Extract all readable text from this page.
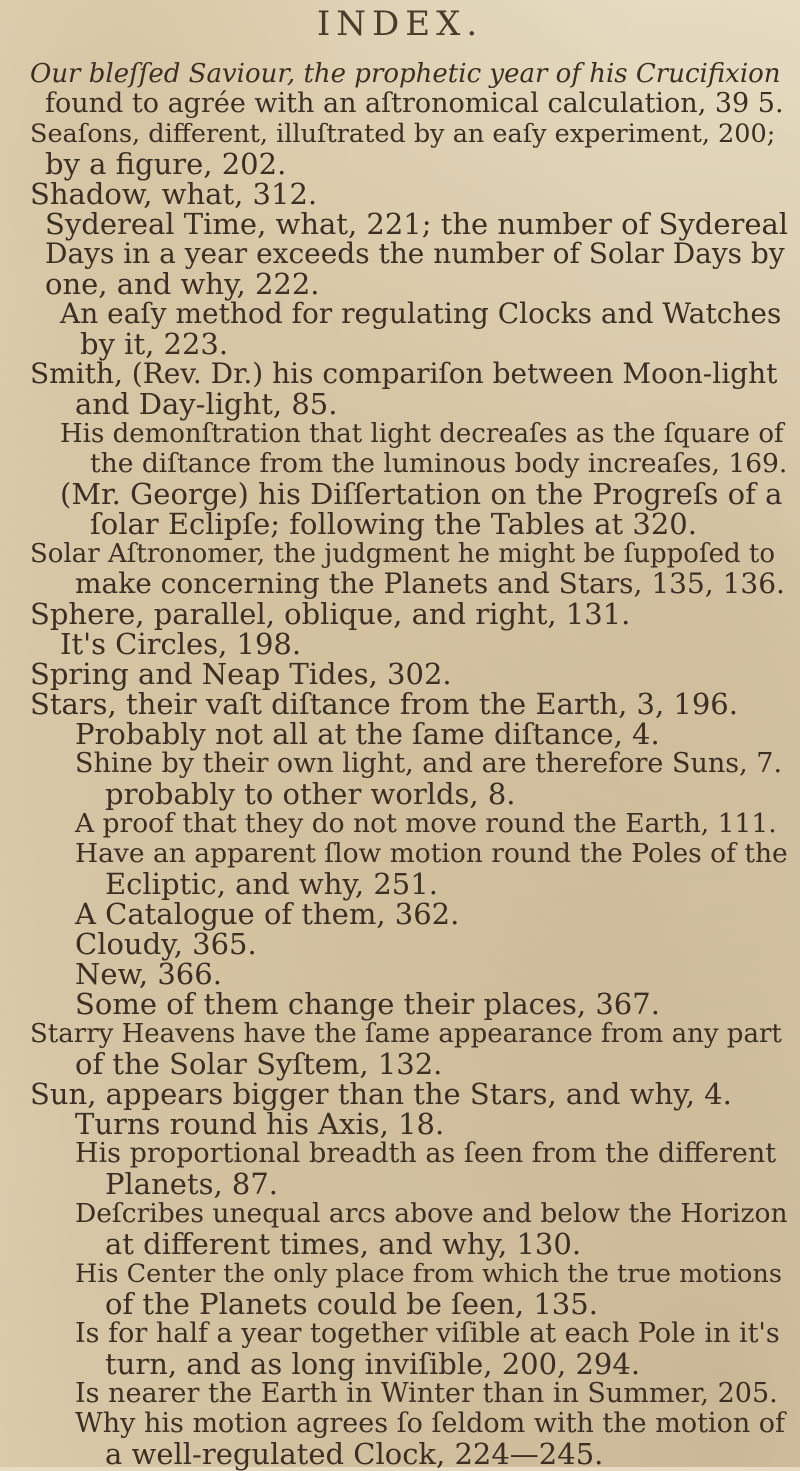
INDEX.
Our bleſſed Saviour, the prophetic year of his Crucifixion
found to agrée with an aſtronomical calculation, 39 5.
Seaſons, different, illuſtrated by an eaſy experiment, 200;
by a figure, 202.
Shadow, what, 312.
Sydereal Time, what, 221; the number of Sydereal
Days in a year exceeds the number of Solar Days by
one, and why, 222.
An eaſy method for regulating Clocks and Watches
by it, 223.
Smith, (Rev. Dr.) his compariſon between Moon-light
and Day-light, 85.
His demonſtration that light decreaſes as the ſquare of
the diſtance from the luminous body increaſes, 169.
(Mr. George) his Diſſertation on the Progreſs of a
ſolar Eclipſe; following the Tables at 320.
Solar Aſtronomer, the judgment he might be ſuppoſed to
make concerning the Planets and Stars, 135, 136.
Sphere, parallel, oblique, and right, 131.
It's Circles, 198.
Spring and Neap Tides, 302.
Stars, their vaſt diſtance from the Earth, 3, 196.
Probably not all at the ſame diſtance, 4.
Shine by their own light, and are therefore Suns, 7.
probably to other worlds, 8.
A proof that they do not move round the Earth, 111.
Have an apparent ſlow motion round the Poles of the
Ecliptic, and why, 251.
A Catalogue of them, 362.
Cloudy, 365.
New, 366.
Some of them change their places, 367.
Starry Heavens have the ſame appearance from any part
of the Solar Syſtem, 132.
Sun, appears bigger than the Stars, and why, 4.
Turns round his Axis, 18.
His proportional breadth as ſeen from the different
Planets, 87.
Deſcribes unequal arcs above and below the Horizon
at different times, and why, 130.
His Center the only place from which the true motions
of the Planets could be ſeen, 135.
Is for half a year together viſible at each Pole in it's
turn, and as long inviſible, 200, 294.
Is nearer the Earth in Winter than in Summer, 205.
Why his motion agrees ſo ſeldom with the motion of
a well-regulated Clock, 224—245.
